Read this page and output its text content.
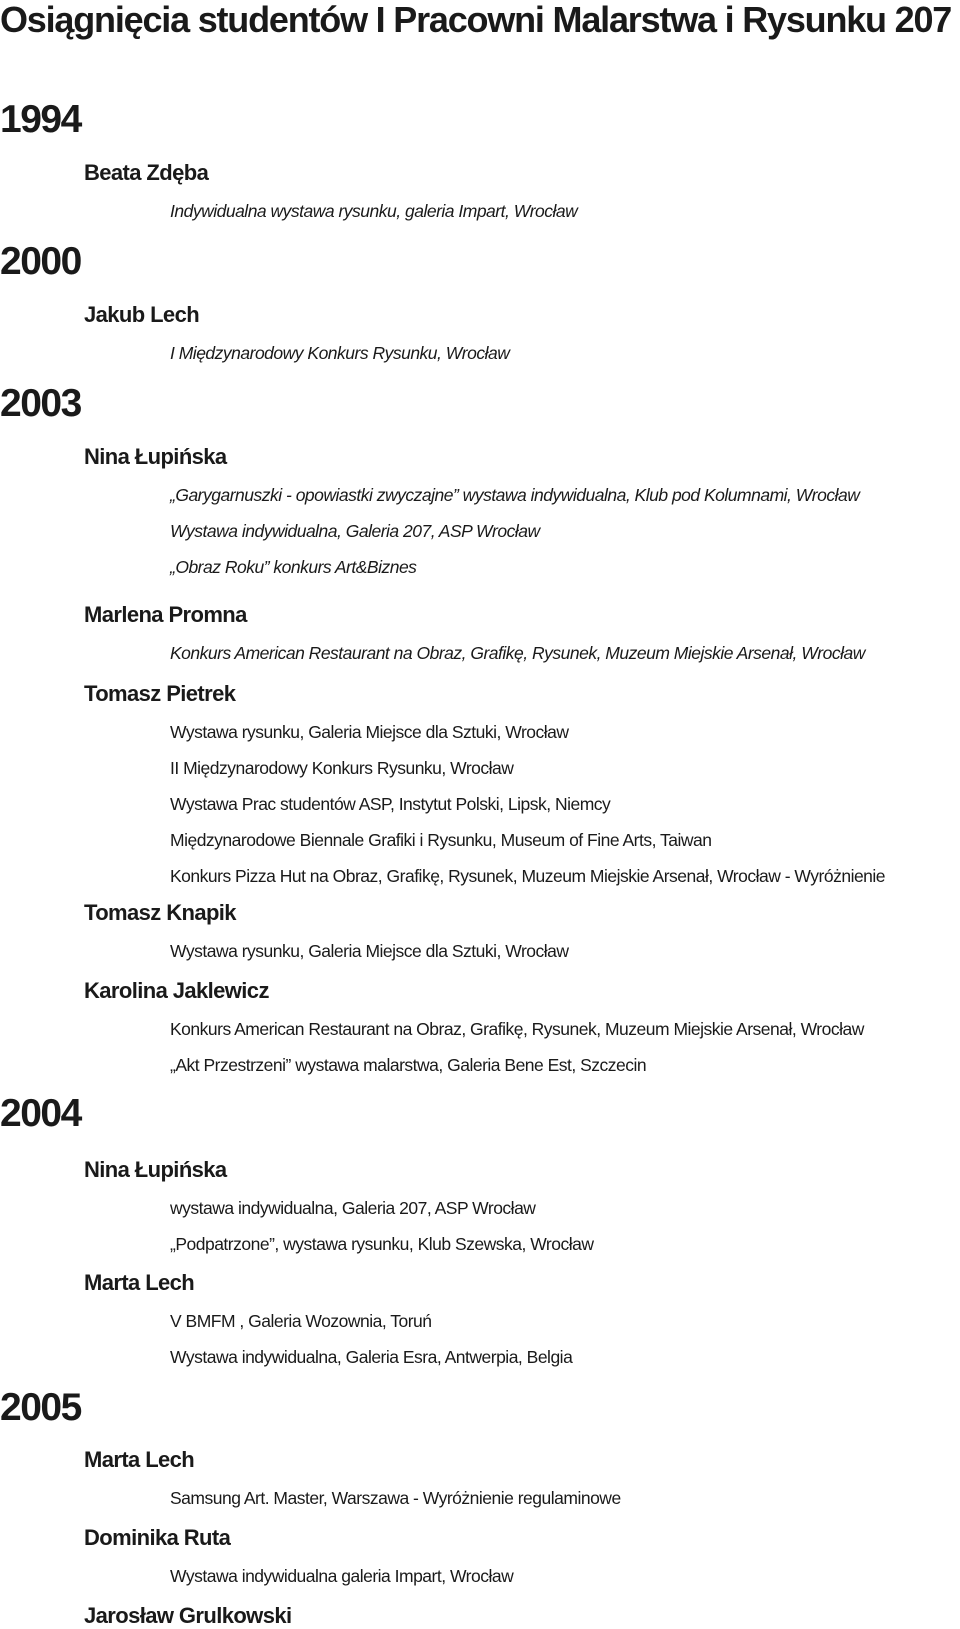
Osiągnięcia studentów I Pracowni Malarstwa i Rysunku 207
1994
Beata Zdęba
Indywidualna wystawa rysunku, galeria Impart, Wrocław
2000
Jakub Lech
I Międzynarodowy Konkurs Rysunku, Wrocław
2003
Nina Łupińska
„Garygarnuszki - opowiastki zwyczajne” wystawa indywidualna, Klub pod Kolumnami, Wrocław
Wystawa indywidualna, Galeria 207, ASP Wrocław
„Obraz Roku” konkurs Art&Biznes
Marlena Promna
Konkurs American Restaurant na Obraz, Grafikę, Rysunek, Muzeum Miejskie Arsenał, Wrocław
Tomasz Pietrek
Wystawa rysunku, Galeria Miejsce dla Sztuki, Wrocław
II Międzynarodowy Konkurs Rysunku, Wrocław
Wystawa Prac studentów ASP, Instytut Polski, Lipsk, Niemcy
Międzynarodowe Biennale Grafiki i Rysunku, Museum of Fine Arts, Taiwan
Konkurs Pizza Hut na Obraz, Grafikę, Rysunek, Muzeum Miejskie Arsenał, Wrocław - Wyróżnienie
Tomasz Knapik
Wystawa rysunku, Galeria Miejsce dla Sztuki, Wrocław
Karolina Jaklewicz
Konkurs American Restaurant na Obraz, Grafikę, Rysunek, Muzeum Miejskie Arsenał, Wrocław
„Akt Przestrzeni” wystawa malarstwa, Galeria Bene Est, Szczecin
2004
Nina Łupińska
wystawa indywidualna, Galeria 207, ASP Wrocław
„Podpatrzone”, wystawa rysunku, Klub Szewska, Wrocław
Marta Lech
V BMFM , Galeria Wozownia, Toruń
Wystawa indywidualna, Galeria Esra, Antwerpia, Belgia
2005
Marta Lech
Samsung Art. Master, Warszawa - Wyróżnienie regulaminowe
Dominika Ruta
Wystawa indywidualna galeria Impart, Wrocław
Jarosław Grulkowski
